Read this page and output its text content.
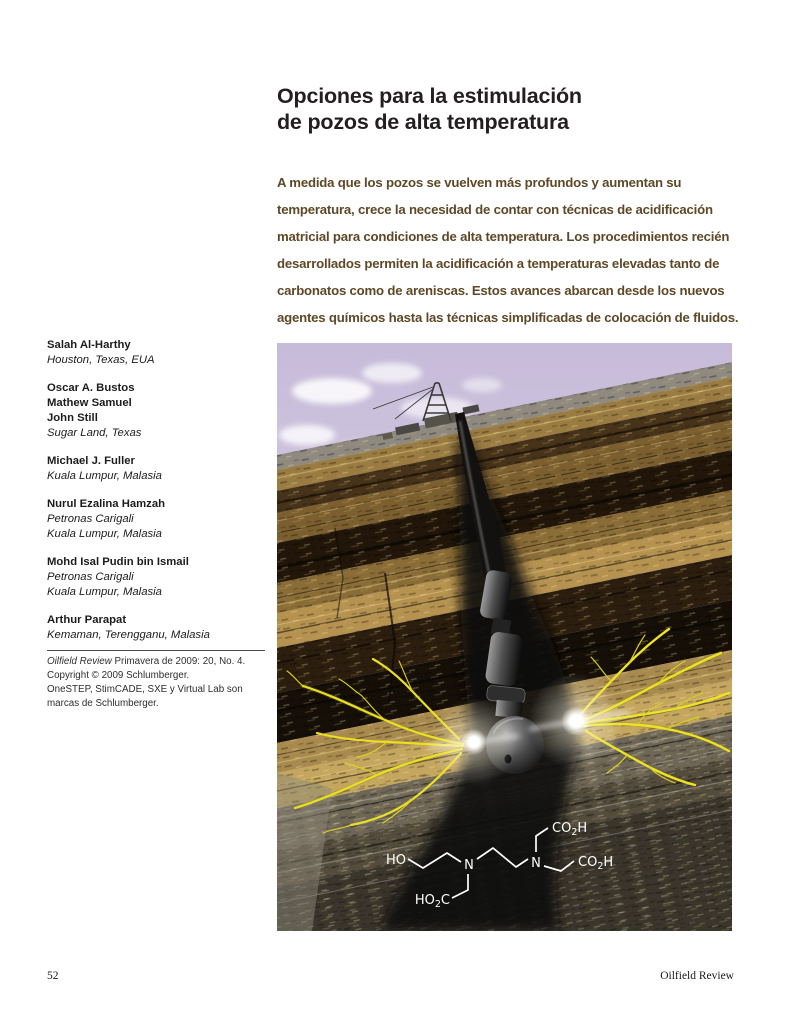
Opciones para la estimulación
de pozos de alta temperatura
A medida que los pozos se vuelven más profundos y aumentan su temperatura, crece la necesidad de contar con técnicas de acidificación matricial para condiciones de alta temperatura. Los procedimientos recién desarrollados permiten la acidificación a temperaturas elevadas tanto de carbonatos como de areniscas. Estos avances abarcan desde los nuevos agentes químicos hasta las técnicas simplificadas de colocación de fluidos.
Salah Al-Harthy
Houston, Texas, EUA
Oscar A. Bustos
Mathew Samuel
John Still
Sugar Land, Texas
Michael J. Fuller
Kuala Lumpur, Malasia
Nurul Ezalina Hamzah
Petronas Carigali
Kuala Lumpur, Malasia
Mohd Isal Pudin bin Ismail
Petronas Carigali
Kuala Lumpur, Malasia
Arthur Parapat
Kemaman, Terengganu, Malasia

Oilfield Review Primavera de 2009: 20, No. 4.

Copyright © 2009 Schlumberger.

OneSTEP, StimCADE, SXE y Virtual Lab son marcas de Schlumberger.

HO	N	N
$CO_2H$
$CO_2H$
$HO_2C$
52	Oilfield Review
